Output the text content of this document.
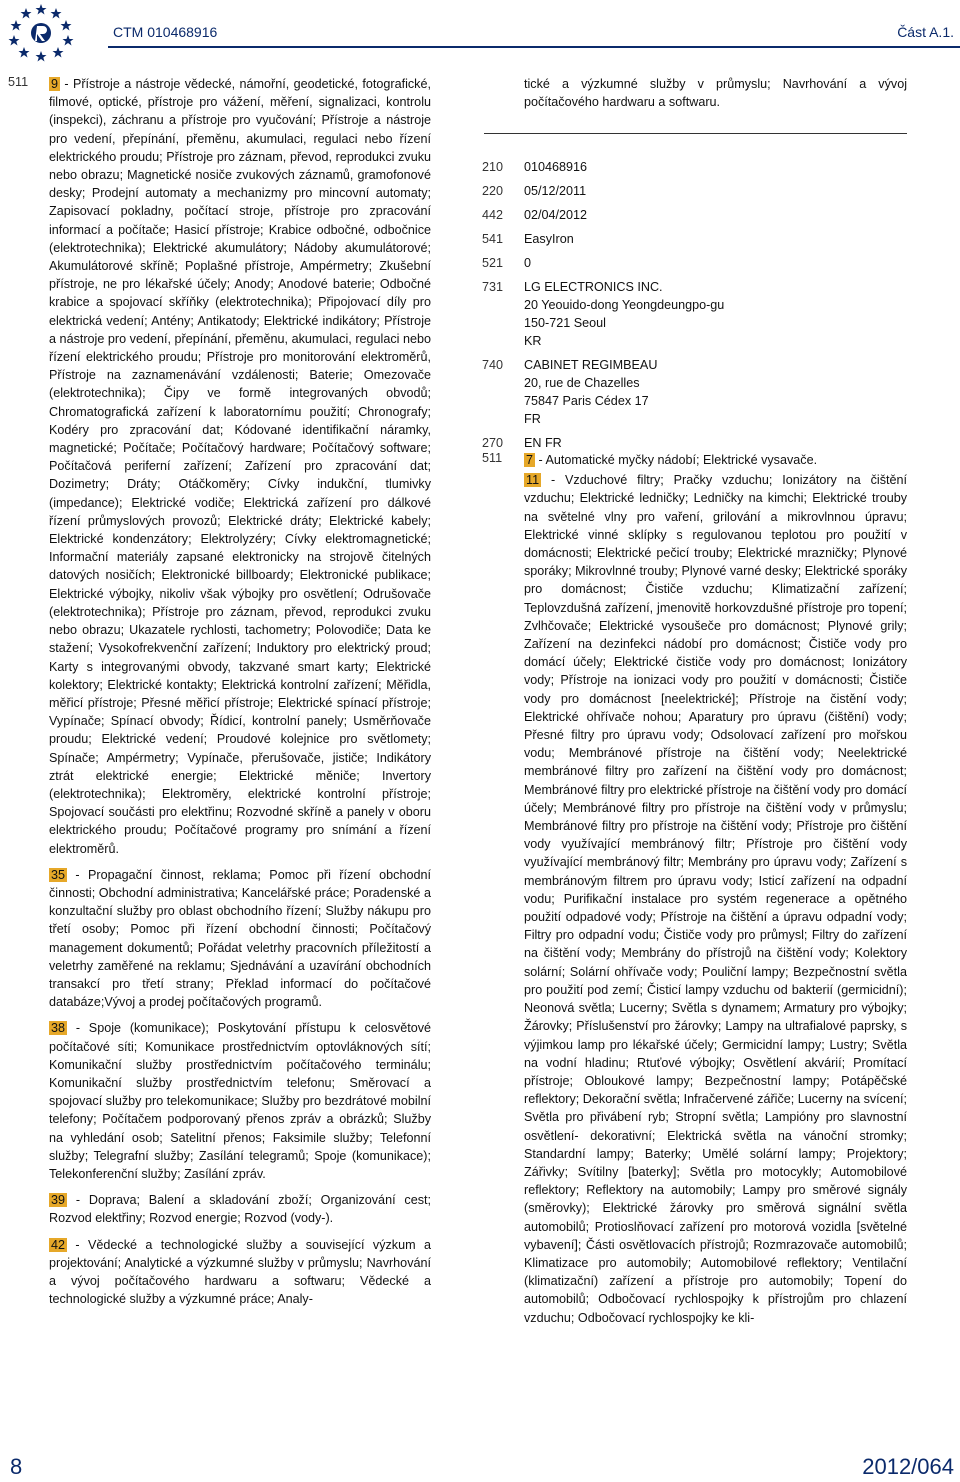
CTM 010468916	Část A.1.
511 9 - Přístroje a nástroje vědecké, námořní, geodetické, fotografické, filmové, optické, přístroje pro vážení, měření, signalizaci, kontrolu (inspekci), záchranu a přístroje pro vyučování; Přístroje a nástroje pro vedení, přepínání, přeměnu, akumulaci, regulaci nebo řízení elektrického proudu; Přístroje pro záznam, převod, reprodukci zvuku nebo obrazu; Magnetické nosiče zvukových záznamů, gramofonové desky; Prodejní automaty a mechanizmy pro mincovní automaty; Zapisovací pokladny, počítací stroje, přístroje pro zpracování informací a počítače; Hasicí přístroje; Krabice odbočné, odbočnice (elektrotechnika); Elektrické akumulátory; Nádoby akumulátorové; Akumulátorové skříně; Poplašné přístroje, Ampérmetry; Zkušební přístroje, ne pro lékařské účely; Anody; Anodové baterie; Odbočné krabice a spojovací skříňky (elektrotechnika); Připojovací díly pro elektrická vedení; Antény; Antikatody; Elektrické indikátory; Přístroje a nástroje pro vedení, přepínání, přeměnu, akumulaci, regulaci nebo řízení elektrického proudu; Přístroje pro monitorování elektroměrů, Přístroje na zaznamenávání vzdálenosti; Baterie; Omezovače (elektrotechnika); Čipy ve formě integrovaných obvodů; Chromatografická zařízení k laboratornímu použití; Chronografy; Kodéry pro zpracování dat; Kódované identifikační náramky, magnetické; Počítače; Počítačový hardware; Počítačový software; Počítačová periferní zařízení; Zařízení pro zpracování dat; Dozimetry; Dráty; Otáčkoměry; Cívky indukční, tlumivky (impedance); Elektrické vodiče; Elektrická zařízení pro dálkové řízení průmyslových provozů; Elektrické dráty; Elektrické kabely; Elektrické kondenzátory; Elektrolyzéry; Cívky elektromagnetické; Informační materiály zapsané elektronicky na strojově čitelných datových nosičích; Elektronické billboardy; Elektronické publikace; Elektrické výbojky, nikoliv však výbojky pro osvětlení; Odrušovače (elektrotechnika); Přístroje pro záznam, převod, reprodukci zvuku nebo obrazu; Ukazatele rychlosti, tachometry; Polovodiče; Data ke stažení; Vysokofrekvenční zařízení; Induktory pro elektrický proud; Karty s integrovanými obvody, takzvané smart karty; Elektrické kolektory; Elektrické kontakty; Elektrická kontrolní zařízení; Měřidla, měřicí přístroje; Přesné měřicí přístroje; Elektrické spínací přístroje; Vypínače; Spínací obvody; Řídicí, kontrolní panely; Usměrňovače proudu; Elektrické vedení; Proudové kolejnice pro světlomety; Spínače; Ampérmetry; Vypínače, přerušovače, jističe; Indikátory ztrát elektrické energie; Elektrické měniče; Invertory (elektrotechnika); Elektroměry, elektrické kontrolní přístroje; Spojovací součásti pro elektřinu; Rozvodné skříně a panely v oboru elektrického proudu; Počítačové programy pro snímání a řízení elektroměrů.

35 - Propagační činnost, reklama; Pomoc při řízení obchodní činnosti; Obchodní administrativa; Kancelářské práce; Poradenské a konzultační služby pro oblast obchodního řízení; Služby nákupu pro třetí osoby; Pomoc při řízení obchodní činnosti; Počítačový management dokumentů; Pořádat veletrhy pracovních příležitostí a veletrhy zaměřené na reklamu; Sjednávání a uzavírání obchodních transakcí pro třetí strany; Překlad informací do počítačové databáze;Vývoj a prodej počítačových programů.

38 - Spoje (komunikace); Poskytování přístupu k celosvětové počítačové síti; Komunikace prostřednictvím optovláknových sítí; Komunikační služby prostřednictvím počítačového terminálu; Komunikační služby prostřednictvím telefonu; Směrovací a spojovací služby pro telekomunikace; Služby pro bezdrátové mobilní telefony; Počítačem podporovaný přenos zpráv a obrázků; Služby na vyhledání osob; Satelitní přenos; Faksimile služby; Telefonní služby; Telegrafní služby; Zasílání telegramů; Spoje (komunikace); Telekonferenční služby; Zasílání zpráv.

39 - Doprava; Balení a skladování zboží; Organizování cest; Rozvod elektřiny; Rozvod energie; Rozvod (vody-).

42 - Vědecké a technologické služby a související výzkum a projektování; Analytické a výzkumné služby v průmyslu; Navrhování a vývoj počítačového hardwaru a softwaru; Vědecké a technologické služby a výzkumné práce; Analy-

tické a výzkumné služby v průmyslu; Navrhování a vývoj počítačového hardwaru a softwaru.
210 010468916
220 05/12/2011
442 02/04/2012
541 EasyIron
521 0
731 LG ELECTRONICS INC.
20 Yeouido-dong Yeongdeungpo-gu
150-721 Seoul
KR
740 CABINET REGIMBEAU
20, rue de Chazelles
75847 Paris Cédex 17
FR
270 EN FR
511 7 - Automatické myčky nádobí; Elektrické vysavače.

11 - Vzduchové filtry; Pračky vzduchu; Ionizátory na čištění vzduchu; Elektrické ledničky; Ledničky na kimchi; Elektrické trouby na světelné vlny pro vaření, grilování a mikrovlnnou úpravu; Elektrické vinné sklípky s regulovanou teplotou pro použití v domácnosti; Elektrické pečicí trouby; Elektrické mrazničky; Plynové sporáky; Mikrovlnné trouby; Plynové varné desky; Elektrické sporáky pro domácnost; Čističe vzduchu; Klimatizační zařízení; Teplovzdušná zařízení, jmenovitě horkovzdušné přístroje pro topení; Zvlhčovače; Elektrické vysoušeče pro domácnost; Plynové grily; Zařízení na dezinfekci nádobí pro domácnost; Čističe vody pro domácí účely; Elektrické čističe vody pro domácnost; Ionizátory vody; Přístroje na ionizaci vody pro použití v domácnosti; Čističe vody pro domácnost [neelektrické]; Přístroje na čistění vody; Elektrické ohřívače nohou; Aparatury pro úpravu (čištění) vody; Přesné filtry pro úpravu vody; Odsolovací zařízení pro mořskou vodu; Membránové přístroje na čištění vody; Neelektrické membránové filtry pro zařízení na čištění vody pro domácnost; Membránové filtry pro elektrické přístroje na čištění vody pro domácí účely; Membránové filtry pro přístroje na čištění vody v průmyslu; Membránové filtry pro přístroje na čištění vody; Přístroje pro čištění vody využívající membránový filtr; Přístroje pro čištění vody využívající membránový filtr; Membrány pro úpravu vody; Zařízení s membránovým filtrem pro úpravu vody; Isticí zařízení na odpadní vodu; Purifikační instalace pro systém regenerace a opětného použití odpadové vody; Přístroje na čištění a úpravu odpadní vody; Filtry pro odpadní vodu; Čističe vody pro průmysl; Filtry do zařízení na čištění vody; Membrány do přístrojů na čištění vody; Kolektory solární; Solární ohřívače vody; Pouliční lampy; Bezpečnostní světla pro použití pod zemí; Čisticí lampy vzduchu od bakterií (germicidní); Neonová světla; Lucerny; Světla s dynamem; Armatury pro výbojky; Žárovky; Příslušenství pro žárovky; Lampy na ultrafialové paprsky, s výjimkou lamp pro lékařské účely; Germicidní lampy; Lustry; Světla na vodní hladinu; Rtuťové výbojky; Osvětlení akvárií; Promítací přístroje; Obloukové lampy; Bezpečnostní lampy; Potápěčské reflektory; Dekorační světla; Infračervené zářiče; Lucerny na svícení; Světla pro přivábení ryb; Stropní světla; Lampióny pro slavnostní osvětlení- dekorativní; Elektrická světla na vánoční stromky; Standardní lampy; Baterky; Umělé solární lampy; Projektory; Zářivky; Svítilny [baterky]; Světla pro motocykly; Automobilové reflektory; Reflektory na automobily; Lampy pro směrové signály (směrovky); Elektrické žárovky pro směrová signální světla automobilů; Protioslňovací zařízení pro motorová vozidla [světelné vybavení]; Části osvětlovacích přístrojů; Rozmrazovače automobilů; Klimatizace pro automobily; Automobilové reflektory; Ventilační (klimatizační) zařízení a přístroje pro automobily; Topení do automobilů; Odbočovací rychlospojky k přístrojům pro chlazení vzduchu; Odbočovací rychlospojky ke kli-

8	2012/064
